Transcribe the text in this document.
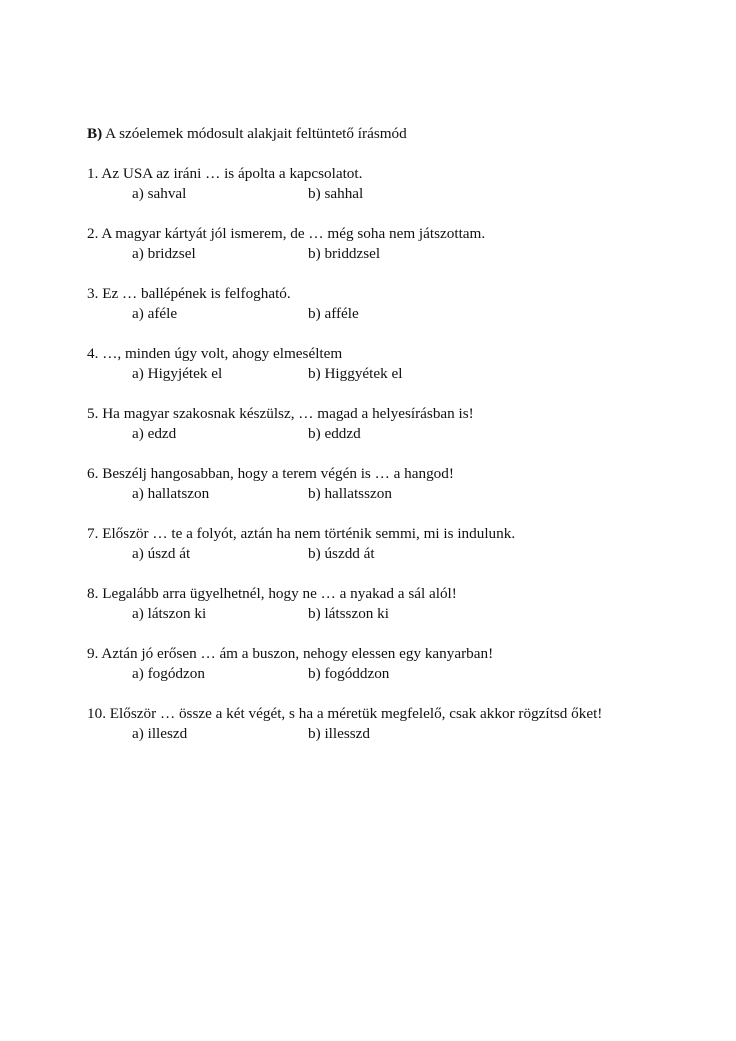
B) A szóelemek módosult alakjait feltüntető írásmód
1. Az USA az iráni … is ápolta a kapcsolatot.
a) sahval	b) sahhal
2. A magyar kártyát jól ismerem, de … még soha nem játszottam.
a) bridzsel	b) briddzsel
3. Ez … ballépének is felfogható.
a) aféle	b) afféle
4. …, minden úgy volt, ahogy elmeséltem
a) Higyjétek el	b) Higgyétek el
5. Ha magyar szakosnak készülsz, … magad a helyesírásban is!
a) edzd	b) eddzd
6. Beszélj hangosabban, hogy a terem végén is … a hangod!
a) hallatszon	b) hallatsszon
7. Először … te a folyót, aztán ha nem történik semmi, mi is indulunk.
a) úszd át	b) úszdd át
8. Legalább arra ügyelhetnél, hogy ne … a nyakad a sál alól!
a) látszon ki	b) látsszon ki
9. Aztán jó erősen … ám a buszon, nehogy elessen egy kanyarban!
a) fogódzon	b) fogóddzon
10. Először … össze a két végét, s ha a méretük megfelelő, csak akkor rögzítsd őket!
a) illeszd	b) illesszd
